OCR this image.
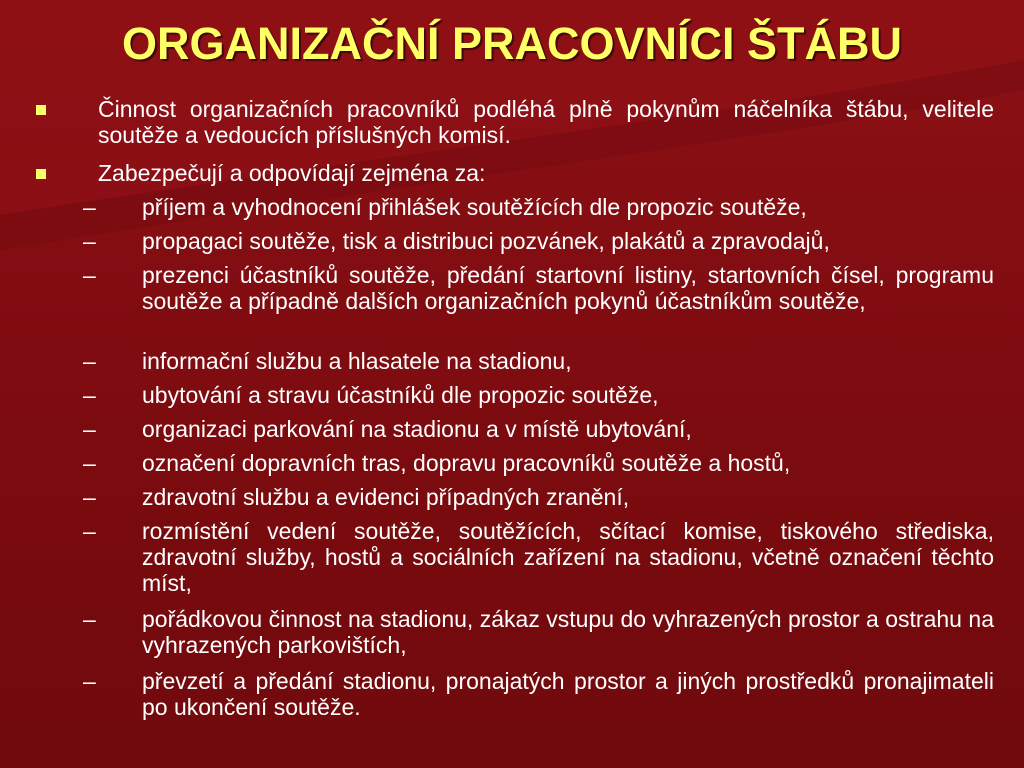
ORGANIZAČNÍ PRACOVNÍCI ŠTÁBU
Činnost organizačních pracovníků podléhá plně pokynům náčelníka štábu, velitele soutěže a vedoucích příslušných komisí.
Zabezpečují a odpovídají zejména za:
– příjem a vyhodnocení přihlášek soutěžících dle propozic soutěže,
– propagaci soutěže, tisk a distribuci pozvánek, plakátů a zpravodajů,
– prezenci účastníků soutěže, předání startovní listiny, startovních čísel, programu soutěže a případně dalších organizačních pokynů účastníkům soutěže,
– informační službu a hlasatele na stadionu,
– ubytování a stravu účastníků dle propozic soutěže,
– organizaci parkování na stadionu a v místě ubytování,
– označení dopravních tras, dopravu pracovníků soutěže a hostů,
– zdravotní službu a evidenci případných zranění,
– rozmístění vedení soutěže, soutěžících, sčítací komise, tiskového střediska, zdravotní služby, hostů a sociálních zařízení na stadionu, včetně označení těchto míst,
– pořádkovou činnost na stadionu, zákaz vstupu do vyhrazených prostor a ostrahu na vyhrazených parkovištích,
– převzetí a předání stadionu, pronajatých prostor a jiných prostředků pronajimateli po ukončení soutěže.
